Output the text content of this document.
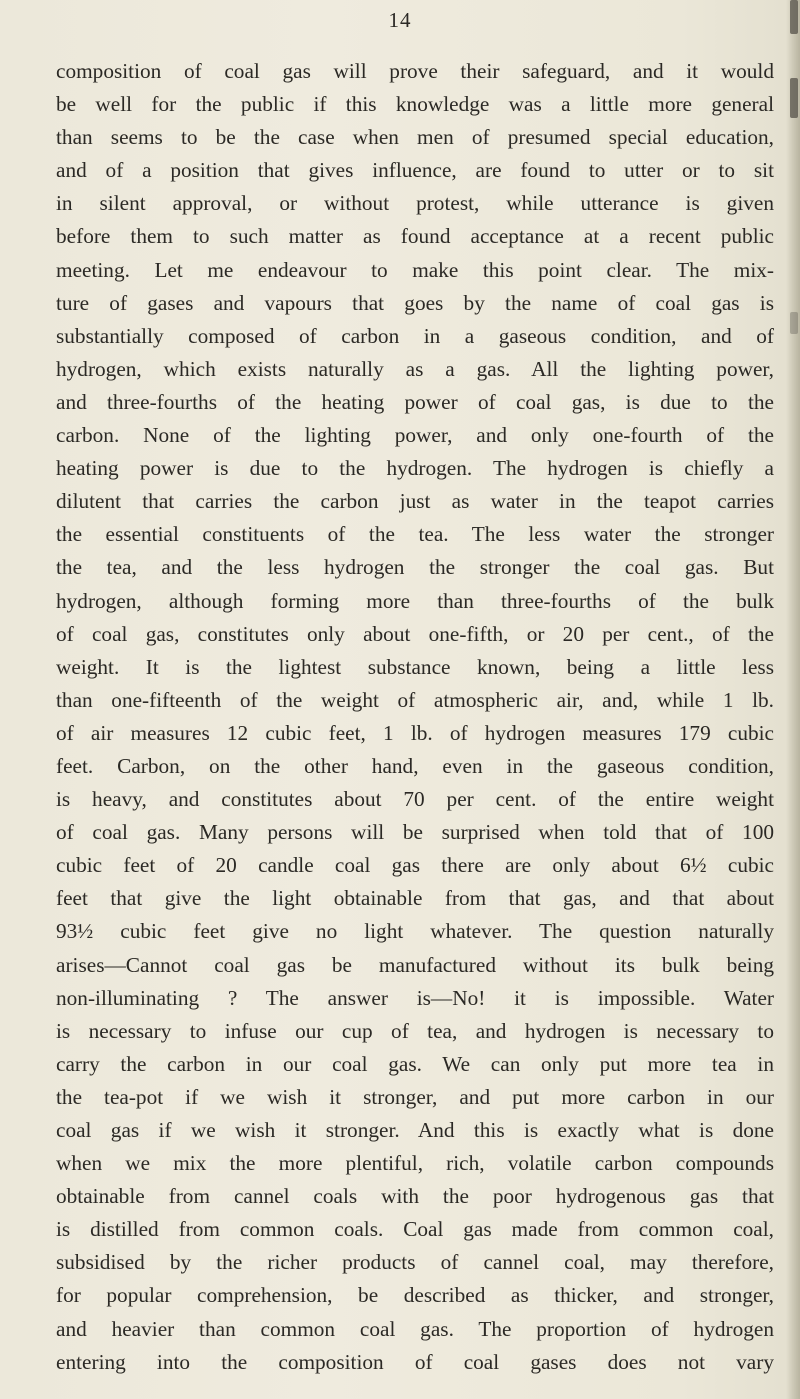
14
composition of coal gas will prove their safeguard, and it would
be well for the public if this knowledge was a little more general
than seems to be the case when men of presumed special education,
and of a position that gives influence, are found to utter or to sit
in silent approval, or without protest, while utterance is given
before them to such matter as found acceptance at a recent public
meeting. Let me endeavour to make this point clear. The mix-
ture of gases and vapours that goes by the name of coal gas is
substantially composed of carbon in a gaseous condition, and of
hydrogen, which exists naturally as a gas. All the lighting power,
and three-fourths of the heating power of coal gas, is due to the
carbon. None of the lighting power, and only one-fourth of the
heating power is due to the hydrogen. The hydrogen is chiefly a
dilutent that carries the carbon just as water in the teapot carries
the essential constituents of the tea. The less water the stronger
the tea, and the less hydrogen the stronger the coal gas. But
hydrogen, although forming more than three-fourths of the bulk
of coal gas, constitutes only about one-fifth, or 20 per cent., of the
weight. It is the lightest substance known, being a little less
than one-fifteenth of the weight of atmospheric air, and, while 1 lb.
of air measures 12 cubic feet, 1 lb. of hydrogen measures 179 cubic
feet. Carbon, on the other hand, even in the gaseous condition,
is heavy, and constitutes about 70 per cent. of the entire weight
of coal gas. Many persons will be surprised when told that of 100
cubic feet of 20 candle coal gas there are only about 6½ cubic
feet that give the light obtainable from that gas, and that about
93½ cubic feet give no light whatever. The question naturally
arises—Cannot coal gas be manufactured without its bulk being
non-illuminating ? The answer is—No! it is impossible. Water
is necessary to infuse our cup of tea, and hydrogen is necessary to
carry the carbon in our coal gas. We can only put more tea in
the tea-pot if we wish it stronger, and put more carbon in our
coal gas if we wish it stronger. And this is exactly what is done
when we mix the more plentiful, rich, volatile carbon compounds
obtainable from cannel coals with the poor hydrogenous gas that
is distilled from common coals. Coal gas made from common coal,
subsidised by the richer products of cannel coal, may therefore,
for popular comprehension, be described as thicker, and stronger,
and heavier than common coal gas. The proportion of hydrogen
entering into the composition of coal gases does not vary
